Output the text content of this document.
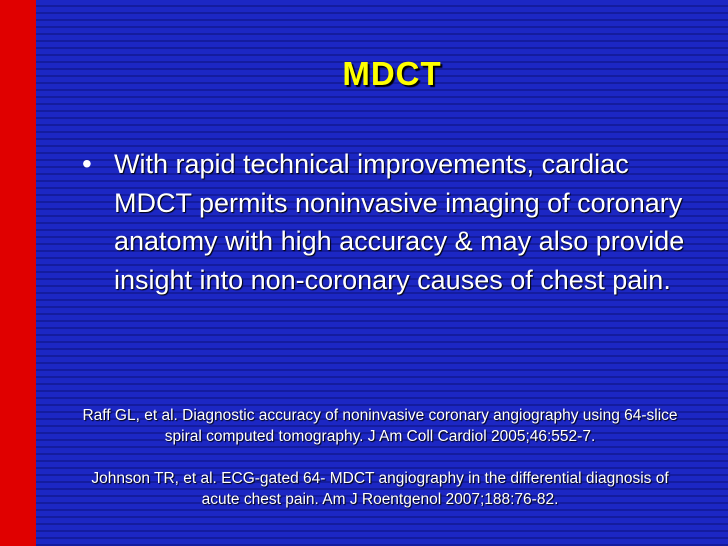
MDCT
• With rapid technical improvements, cardiac MDCT permits noninvasive imaging of coronary anatomy with high accuracy & may also provide insight into non-coronary causes of chest pain.

Raff GL, et al. Diagnostic accuracy of noninvasive coronary angiography using 64-slice spiral computed tomography. J Am Coll Cardiol 2005;46:552-7.

Johnson TR, et al. ECG-gated 64- MDCT angiography in the differential diagnosis of acute chest pain. Am J Roentgenol 2007;188:76-82.
